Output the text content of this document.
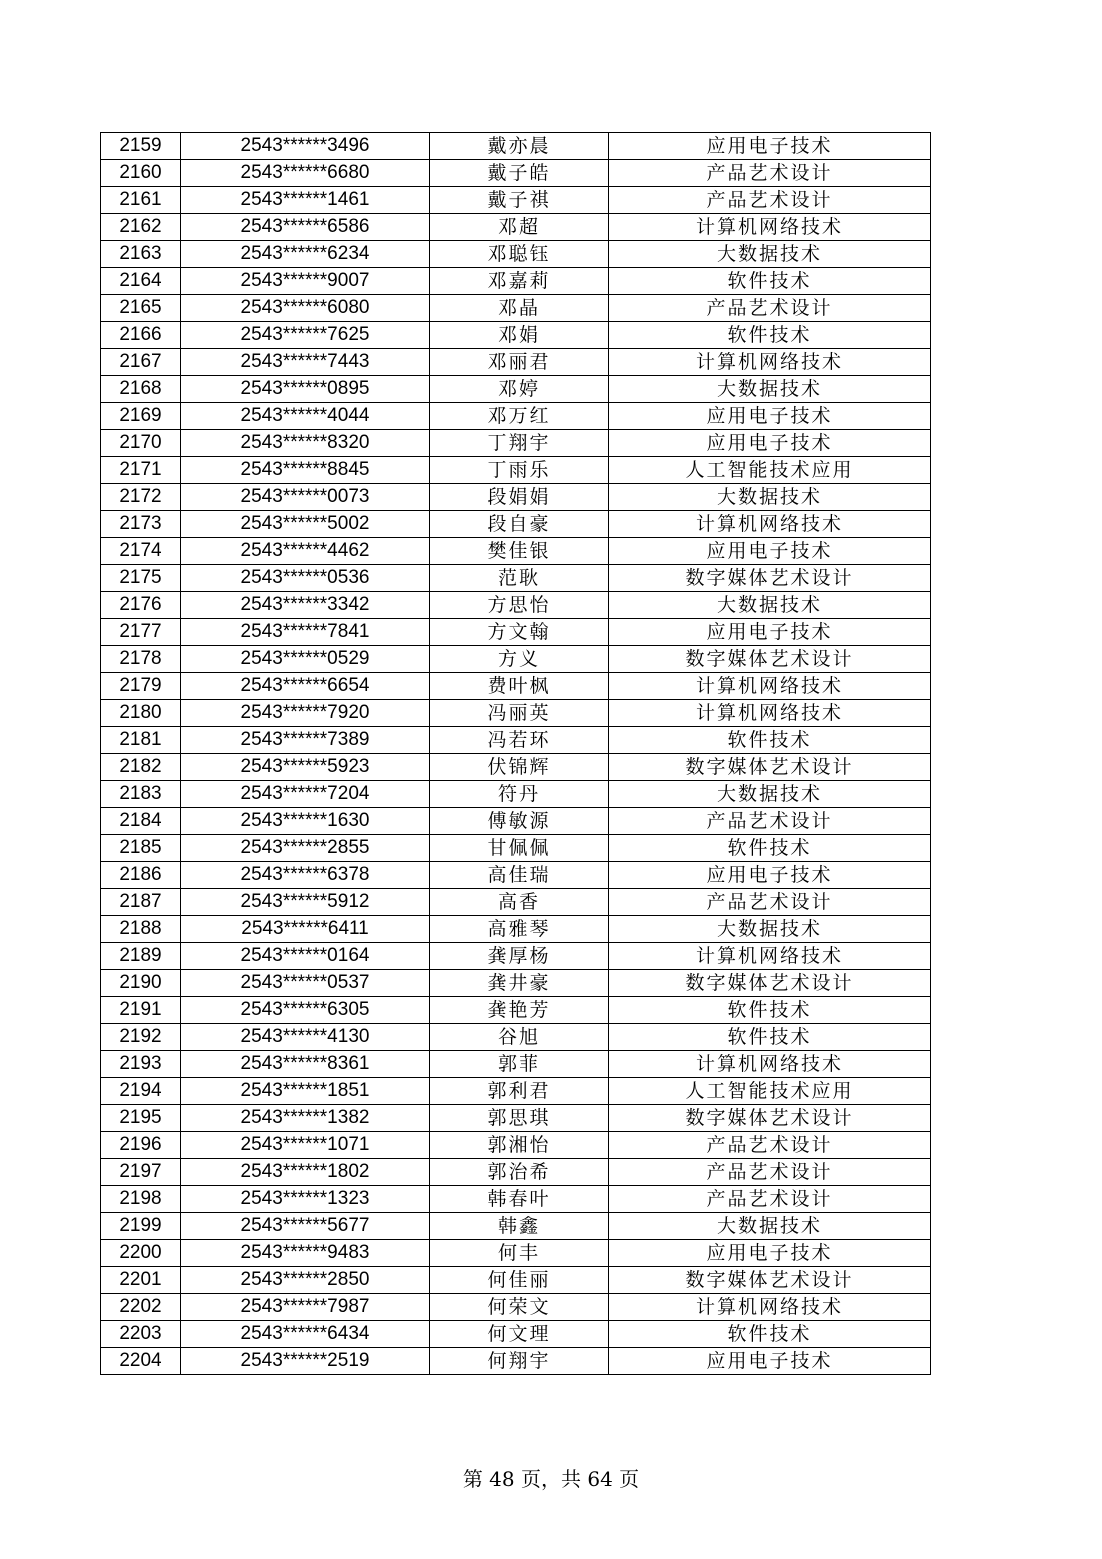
2159	2543******3496	戴亦晨	应用电子技术
2160	2543******6680	戴子皓	产品艺术设计
2161	2543******1461	戴子祺	产品艺术设计
2162	2543******6586	邓超	计算机网络技术
2163	2543******6234	邓聪钰	大数据技术
2164	2543******9007	邓嘉莉	软件技术
2165	2543******6080	邓晶	产品艺术设计
2166	2543******7625	邓娟	软件技术
2167	2543******7443	邓丽君	计算机网络技术
2168	2543******0895	邓婷	大数据技术
2169	2543******4044	邓万红	应用电子技术
2170	2543******8320	丁翔宇	应用电子技术
2171	2543******8845	丁雨乐	人工智能技术应用
2172	2543******0073	段娟娟	大数据技术
2173	2543******5002	段自豪	计算机网络技术
2174	2543******4462	樊佳银	应用电子技术
2175	2543******0536	范耿	数字媒体艺术设计
2176	2543******3342	方思怡	大数据技术
2177	2543******7841	方文翰	应用电子技术
2178	2543******0529	方义	数字媒体艺术设计
2179	2543******6654	费叶枫	计算机网络技术
2180	2543******7920	冯丽英	计算机网络技术
2181	2543******7389	冯若环	软件技术
2182	2543******5923	伏锦辉	数字媒体艺术设计
2183	2543******7204	符丹	大数据技术
2184	2543******1630	傅敏源	产品艺术设计
2185	2543******2855	甘佩佩	软件技术
2186	2543******6378	高佳瑞	应用电子技术
2187	2543******5912	高香	产品艺术设计
2188	2543******6411	高雅琴	大数据技术
2189	2543******0164	龚厚杨	计算机网络技术
2190	2543******0537	龚井豪	数字媒体艺术设计
2191	2543******6305	龚艳芳	软件技术
2192	2543******4130	谷旭	软件技术
2193	2543******8361	郭菲	计算机网络技术
2194	2543******1851	郭利君	人工智能技术应用
2195	2543******1382	郭思琪	数字媒体艺术设计
2196	2543******1071	郭湘怡	产品艺术设计
2197	2543******1802	郭治希	产品艺术设计
2198	2543******1323	韩春叶	产品艺术设计
2199	2543******5677	韩鑫	大数据技术
2200	2543******9483	何丰	应用电子技术
2201	2543******2850	何佳丽	数字媒体艺术设计
2202	2543******7987	何荣文	计算机网络技术
2203	2543******6434	何文理	软件技术
2204	2543******2519	何翔宇	应用电子技术
第 48 页，共 64 页
